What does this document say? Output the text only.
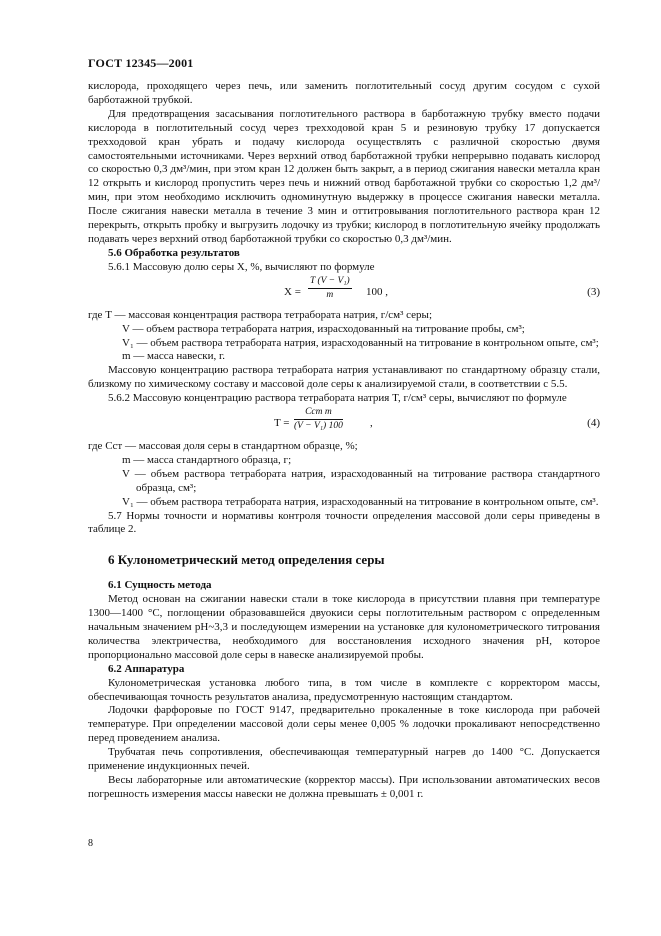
ГОСТ 12345—2001

кислорода, проходящего через печь, или заменить поглотительный сосуд другим сосудом с сухой барботажной трубкой.

Для предотвращения засасывания поглотительного раствора в барботажную трубку вместо подачи кислорода в поглотительный сосуд через трехходовой кран 5 и резиновую трубку 17 допускается трехходовой кран убрать и подачу кислорода осуществлять с различной скоростью двумя самостоятельными источниками. Через верхний отвод барботажной трубки непрерывно подавать кислород со скоростью 0,3 дм³/мин, при этом кран 12 должен быть закрыт, а в период сжигания навески металла кран 12 открыть и кислород пропустить через печь и нижний отвод барботажной трубки со скоростью 1,2 дм³/мин, при этом необходимо исключить одноминутную выдержку в процессе сжигания навески металла. После сжигания навески металла в течение 3 мин и оттитровывания поглотительного раствора кран 12 перекрыть, открыть пробку и выгрузить лодочку из трубки; кислород в поглотительную ячейку продолжать подавать через верхний отвод барботажной трубки со скоростью 0,3 дм³/мин.

5.6 Обработка результатов

5.6.1 Массовую долю серы X, %, вычисляют по формуле

$X = \frac{\text{T (V − V₁)}}{m} 100$ ,	(3)

где T — массовая концентрация раствора тетрабората натрия, г/см³ серы;

V — объем раствора тетрабората натрия, израсходованный на титрование пробы, см³;

V₁ — объем раствора тетрабората натрия, израсходованный на титрование в контрольном опыте, см³;

m — масса навески, г.

Массовую концентрацию раствора тетрабората натрия устанавливают по стандартному образцу стали, близкому по химическому составу и массовой доле серы к анализируемой стали, в соответствии с 5.5.

5.6.2 Массовую концентрацию раствора тетрабората натрия T, г/см³ серы, вычисляют по формуле

T =
Cст m
(V − V₁) 100 ,	(4)

где Cст — массовая доля серы в стандартном образце, %;

m — масса стандартного образца, г;

V — объем раствора тетрабората натрия, израсходованный на титрование раствора стандартного образца, см³;

V₁ — объем раствора тетрабората натрия, израсходованный на титрование в контрольном опыте, см³.

5.7 Нормы точности и нормативы контроля точности определения массовой доли серы приведены в таблице 2.

6 Кулонометрический метод определения серы

6.1 Сущность метода

Метод основан на сжигании навески стали в токе кислорода в присутствии плавня при температуре 1300—1400 °С, поглощении образовавшейся двуокиси серы поглотительным раствором с определенным начальным значением pH~3,3 и последующем измерении на установке для кулонометрического титрования количества электричества, необходимого для восстановления исходного значения pH, которое пропорционально массовой доле серы в навеске анализируемой пробы.

6.2 Аппаратура

Кулонометрическая установка любого типа, в том числе в комплекте с корректором массы, обеспечивающая точность результатов анализа, предусмотренную настоящим стандартом.

Лодочки фарфоровые по ГОСТ 9147, предварительно прокаленные в токе кислорода при рабочей температуре. При определении массовой доли серы менее 0,005 % лодочки прокаливают непосредственно перед проведением анализа.

Трубчатая печь сопротивления, обеспечивающая температурный нагрев до 1400 °С. Допускается применение индукционных печей.

Весы лабораторные или автоматические (корректор массы). При использовании автоматических весов погрешность измерения массы навески не должна превышать ± 0,001 г.

8
